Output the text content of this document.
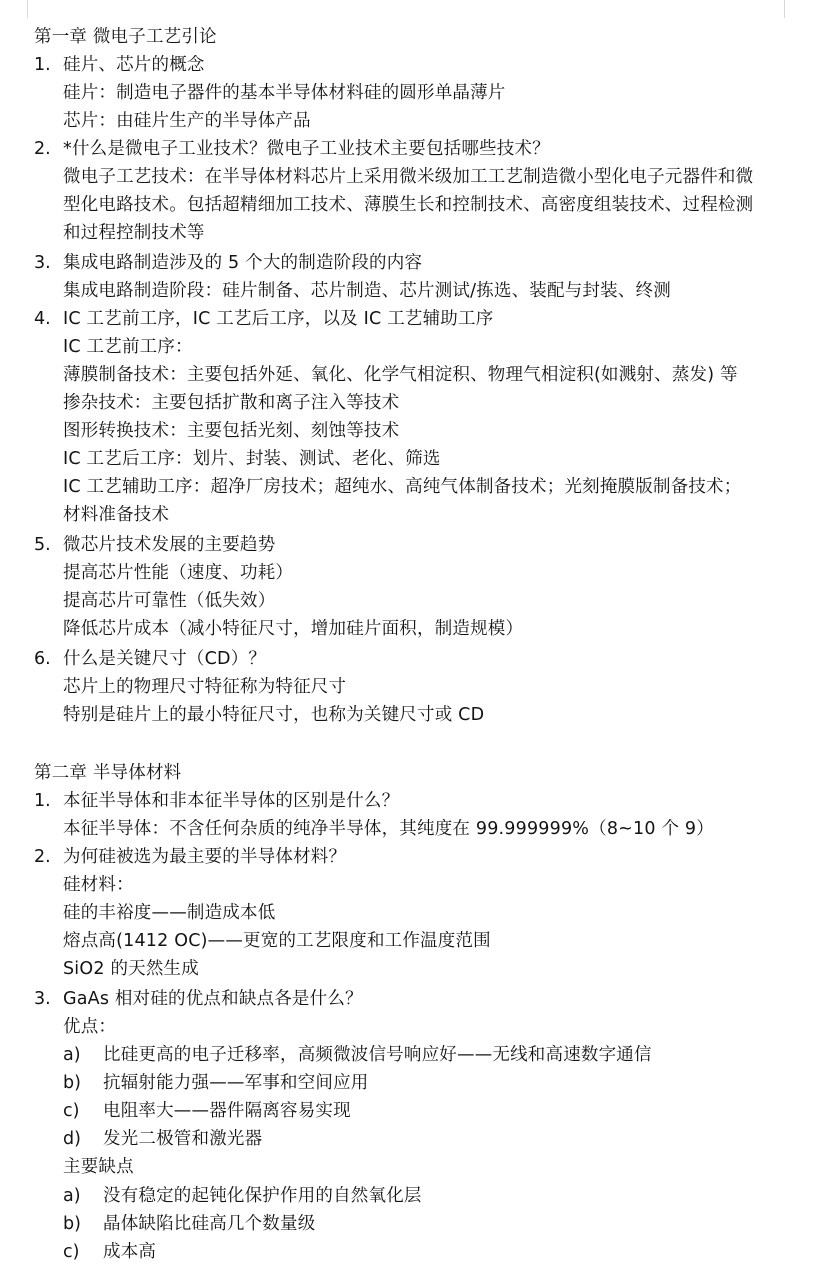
第一章 微电子工艺引论
1. 硅片、芯片的概念
硅片：制造电子器件的基本半导体材料硅的圆形单晶薄片
芯片：由硅片生产的半导体产品
2. *什么是微电子工业技术？微电子工业技术主要包括哪些技术？
微电子工艺技术：在半导体材料芯片上采用微米级加工工艺制造微小型化电子元器件和微
型化电路技术。包括超精细加工技术、薄膜生长和控制技术、高密度组装技术、过程检测
和过程控制技术等
3. 集成电路制造涉及的 5 个大的制造阶段的内容
集成电路制造阶段：硅片制备、芯片制造、芯片测试/拣选、装配与封装、终测
4. IC 工艺前工序，IC 工艺后工序，以及 IC 工艺辅助工序
IC 工艺前工序：
薄膜制备技术：主要包括外延、氧化、化学气相淀积、物理气相淀积(如溅射、蒸发) 等
掺杂技术：主要包括扩散和离子注入等技术
图形转换技术：主要包括光刻、刻蚀等技术
IC 工艺后工序：划片、封装、测试、老化、筛选
IC 工艺辅助工序：超净厂房技术；超纯水、高纯气体制备技术；光刻掩膜版制备技术；
材料准备技术
5. 微芯片技术发展的主要趋势
提高芯片性能（速度、功耗）
提高芯片可靠性（低失效）
降低芯片成本（减小特征尺寸，增加硅片面积，制造规模）
6. 什么是关键尺寸（CD）？
芯片上的物理尺寸特征称为特征尺寸
特别是硅片上的最小特征尺寸，也称为关键尺寸或 CD
第二章 半导体材料
1. 本征半导体和非本征半导体的区别是什么？
本征半导体：不含任何杂质的纯净半导体，其纯度在 99.999999%（8~10 个 9）
2. 为何硅被选为最主要的半导体材料？
硅材料：
硅的丰裕度——制造成本低
熔点高(1412 OC)——更宽的工艺限度和工作温度范围
SiO2 的天然生成
3. GaAs 相对硅的优点和缺点各是什么？
优点：
a) 比硅更高的电子迁移率，高频微波信号响应好——无线和高速数字通信
b) 抗辐射能力强——军事和空间应用
c) 电阻率大——器件隔离容易实现
d) 发光二极管和激光器
主要缺点
a) 没有稳定的起钝化保护作用的自然氧化层
b) 晶体缺陷比硅高几个数量级
c) 成本高
